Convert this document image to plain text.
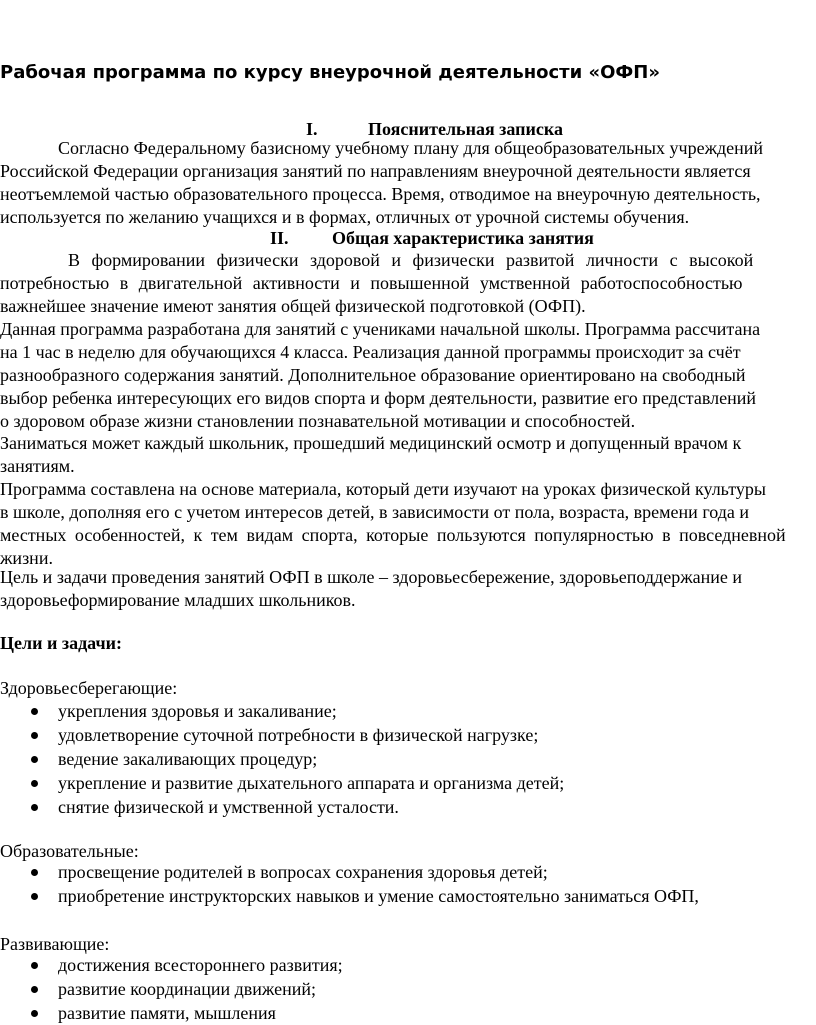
Рабочая программа по курсу внеурочной деятельности «ОФП»
I.	Пояснительная записка
Согласно Федеральному базисному учебному плану для общеобразовательных учреждений
Российской Федерации организация занятий по направлениям внеурочной деятельности является
неотъемлемой частью образовательного процесса. Время, отводимое на внеурочную деятельность,
используется по желанию учащихся и в формах, отличных от урочной системы обучения.
II. Общая характеристика занятия
В формировании физически здоровой и физически развитой личности с высокой
потребностью в двигательной активности и повышенной умственной работоспособностью
важнейшее значение имеют занятия общей физической подготовкой (ОФП).
Данная программа разработана для занятий с учениками начальной школы. Программа рассчитана
на 1 час в неделю для обучающихся 4 класса. Реализация данной программы происходит за счёт
разнообразного содержания занятий. Дополнительное образование ориентировано на свободный
выбор ребенка интересующих его видов спорта и форм деятельности, развитие его представлений
о здоровом образе жизни становлении познавательной мотивации и способностей.
Заниматься может каждый школьник, прошедший медицинский осмотр и допущенный врачом к
занятиям.
Программа составлена на основе материала, который дети изучают на уроках физической культуры
в школе, дополняя его с учетом интересов детей, в зависимости от пола, возраста, времени года и
местных особенностей, к тем видам спорта, которые пользуются популярностью в повседневной
жизни.
Цель и задачи проведения занятий ОФП в школе – здоровьесбережение, здоровьеподдержание и
здоровьеформирование младших школьников.
Цели и задачи:
Здоровьесберегающие:
укрепления здоровья и закаливание;
удовлетворение суточной потребности в физической нагрузке;
ведение закаливающих процедур;
укрепление и развитие дыхательного аппарата и организма детей;
снятие физической и умственной усталости.
Образовательные:
просвещение родителей в вопросах сохранения здоровья детей;
приобретение инструкторских навыков и умение самостоятельно заниматься ОФП,
Развивающие:
достижения всестороннего развития;
развитие координации движений;
развитие памяти, мышления
